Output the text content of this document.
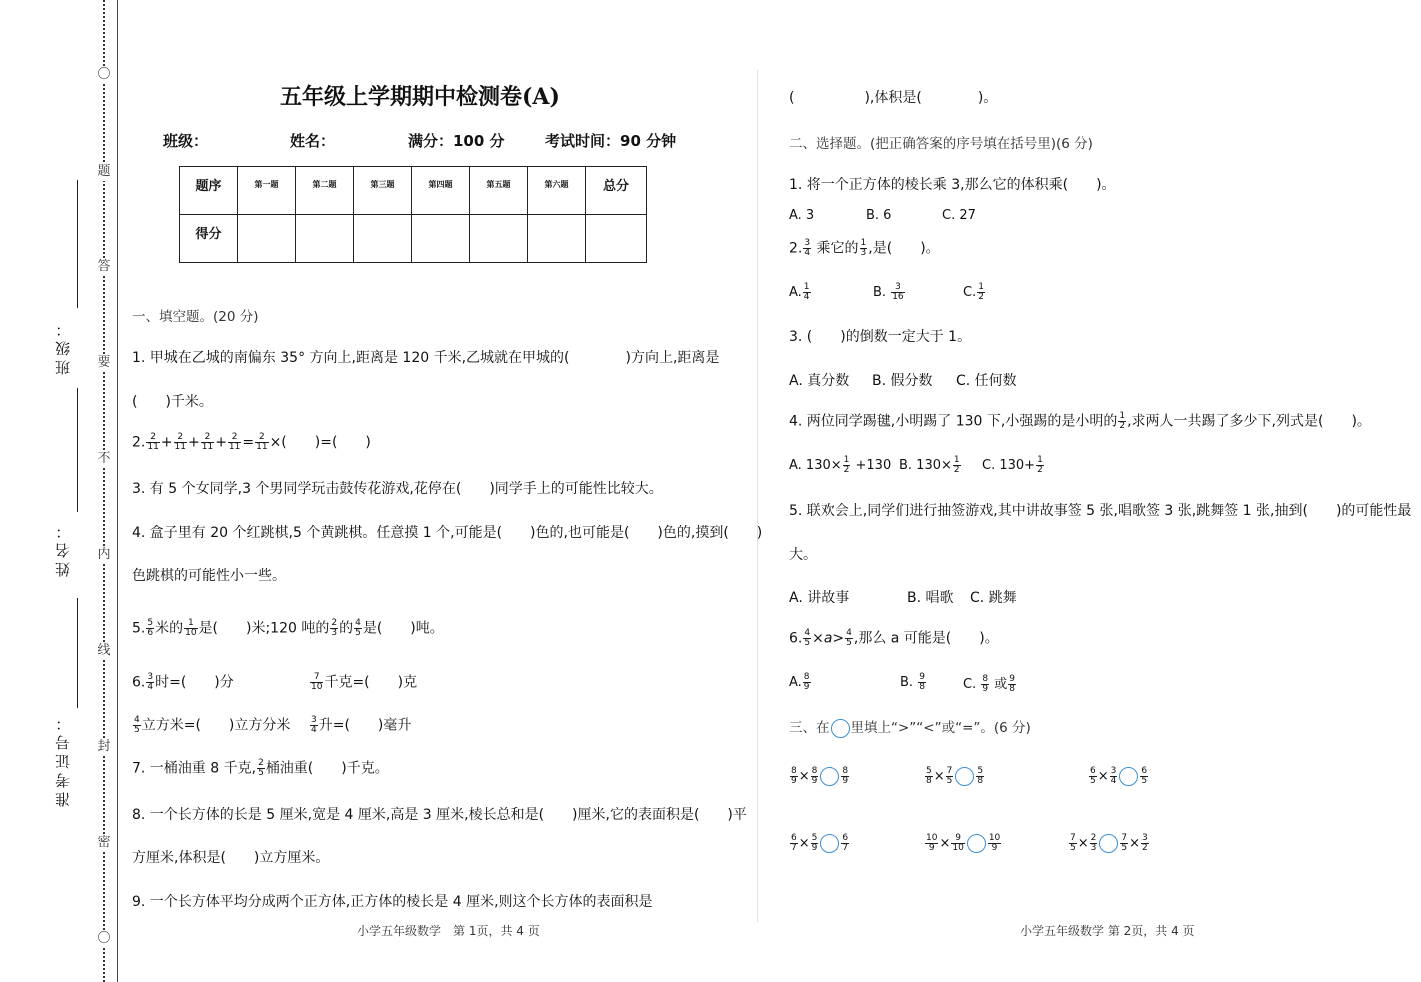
〇
题
答
要
不
内
线
封
密
〇
班级：
姓名：
准考证号：
五年级上学期期中检测卷(A)
班级：	姓名：	满分：100 分	考试时间：90 分钟
题序	第一题	第二题	第三题	第四题	第五题	第六题	总分
得分							
一、填空题。(20 分)
1. 甲城在乙城的南偏东 35° 方向上,距离是 120 千米,乙城就在甲城的(　　　　)方向上,距离是
(　　)千米。
2. $\frac{2}{11} + \frac{2}{11} + \frac{2}{11} + \frac{2}{11} = \frac{2}{11}$ ×(　　)=(　　)
3. 有 5 个女同学,3 个男同学玩击鼓传花游戏,花停在(　　)同学手上的可能性比较大。
4. 盒子里有 20 个红跳棋,5 个黄跳棋。任意摸 1 个,可能是(　　)色的,也可能是(　　)色的,摸到(　　)
色跳棋的可能性小一些。
5. $\frac{5}{6}$ 米的 $\frac{1}{10}$ 是(　　)米;120 吨的 $\frac{2}{3}$ 的 $\frac{4}{5}$ 是(　　)吨。
6. $\frac{3}{4}$ 时=(　　)分	$\frac{7}{10}$ 千克=(　　)克
$\frac{4}{5}$ 立方米=(　　)立方分米 $\frac{3}{4}$ 升=(　　)毫升
7. 一桶油重 8 千克, $\frac{2}{5}$ 桶油重(　　)千克。
8. 一个长方体的长是 5 厘米,宽是 4 厘米,高是 3 厘米,棱长总和是(　　)厘米,它的表面积是(　　)平
方厘米,体积是(　　)立方厘米。
9. 一个长方体平均分成两个正方体,正方体的棱长是 4 厘米,则这个长方体的表面积是
小学五年级数学　第 1页，共 4 页
(　　　　　),体积是(　　　　)。
二、选择题。(把正确答案的序号填在括号里)(6 分)
1. 将一个正方体的棱长乘 3,那么它的体积乘(　　)。
A. 3	B. 6	C. 27
2. $\frac{3}{4}$ 乘它的 $\frac{1}{3}$ ,是(　　)。
A. $\frac{1}{4}$	B. $\frac{3}{16}$	C. $\frac{1}{2}$
3. (　　)的倒数一定大于 1。
A. 真分数 B. 假分数 C. 任何数
4. 两位同学踢毽,小明踢了 130 下,小强踢的是小明的 $\frac{1}{2}$ ,求两人一共踢了多少下,列式是(　　)。
A. $130\times \frac{1}{2} +130$ B. $130\times \frac{1}{2} C$. $130+ \frac{1}{2}$
5. 联欢会上,同学们进行抽签游戏,其中讲故事签 5 张,唱歌签 3 张,跳舞签 1 张,抽到(　　)的可能性最
大。
A. 讲故事	B. 唱歌 C. 跳舞
6. $\frac{4}{5} \times a> \frac{4}{5}$ ,那么 a 可能是(　　)。
A. $\frac{8}{9}$	B. $\frac{9}{8}$	C. $\frac{8}{9}$ 或 $\frac{9}{8}$
三、在 里填上“>”“<”或“=”。(6 分)
$\frac{8}{9} \times \frac{8}{9}$	$\frac{8}{9}$	$\frac{5}{8} \times \frac{7}{5}$	$\frac{5}{8}$	$\frac{6}{5} \times \frac{3}{4}$	$\frac{6}{5}$
$\frac{6}{7} \times \frac{5}{9}$	$\frac{6}{7}$	$\frac{10}{9} \times \frac{9}{10}$	$\frac{10}{9}$	$\frac{7}{5} \times \frac{2}{3}$	$\frac{7}{5} \times \frac{3}{2}$
小学五年级数学 第 2页，共 4 页
